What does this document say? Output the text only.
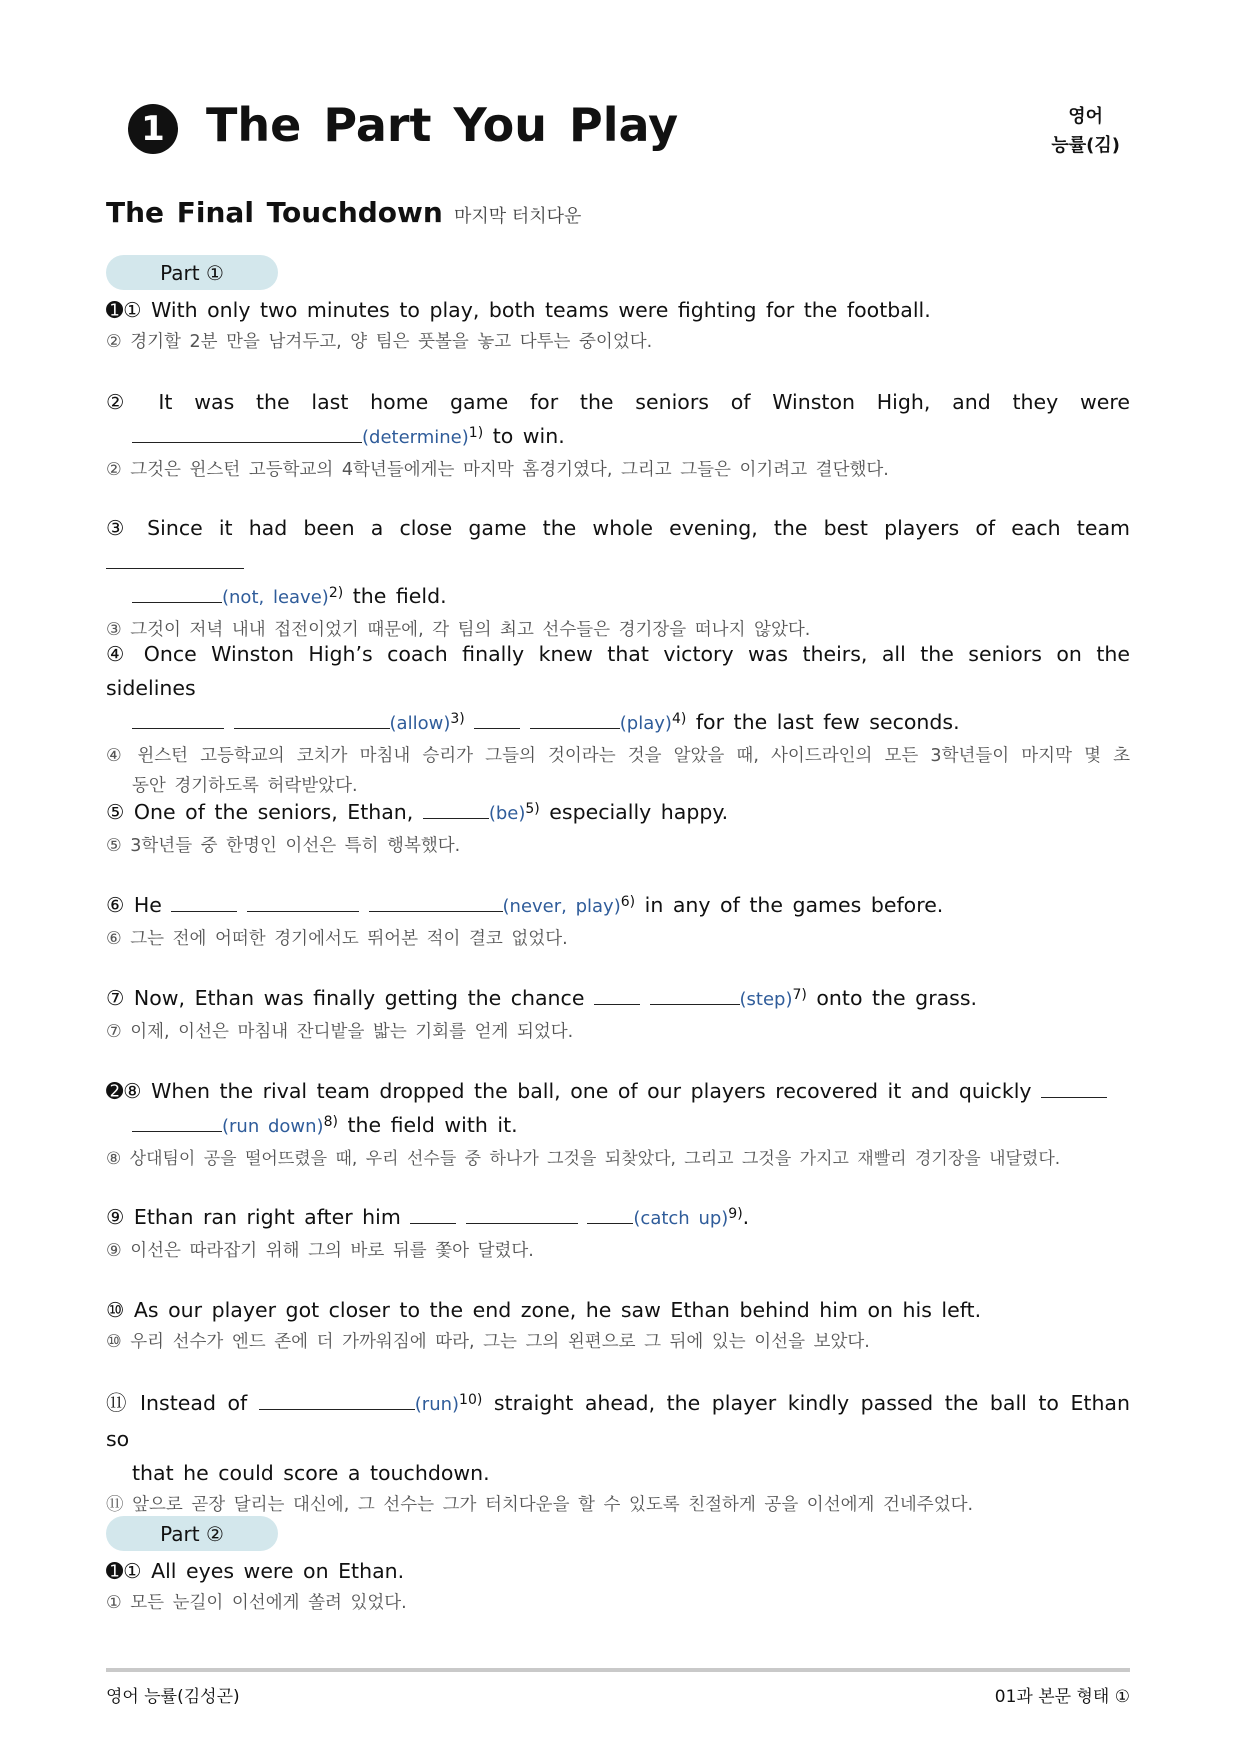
1 The Part You Play	영어
능률(김)
The Final Touchdown 마지막 터치다운
Part ①

➊① With only two minutes to play, both teams were fighting for the football.

② 경기할 2분 만을 남겨두고, 양 팀은 풋볼을 놓고 다투는 중이었다.

② It was the last home game for the seniors of Winston High, and they were

(determine)$^{1)}$ to win.

② 그것은 윈스턴 고등학교의 4학년들에게는 마지막 홈경기였다, 그리고 그들은 이기려고 결단했다.

③ Since it had been a close game the whole evening, the best players of each team

(not, leave)$^{2)}$ the field.

③ 그것이 저녁 내내 접전이었기 때문에, 각 팀의 최고 선수들은 경기장을 떠나지 않았다.

④ Once Winston High’s coach finally knew that victory was theirs, all the seniors on the sidelines

(allow)$^{3)}$	(play)$^{4)}$ for the last few seconds.

④ 윈스턴 고등학교의 코치가 마침내 승리가 그들의 것이라는 것을 알았을 때, 사이드라인의 모든 3학년들이 마지막 몇 초

동안 경기하도록 허락받았다.

⑤ One of the seniors, Ethan,	(be)$^{5)}$ especially happy.

⑤ 3학년들 중 한명인 이선은 특히 행복했다.

⑥ He	(never, play)$^{6)}$ in any of the games before.

⑥ 그는 전에 어떠한 경기에서도 뛰어본 적이 결코 없었다.

⑦ Now, Ethan was finally getting the chance	(step)$^{7)}$ onto the grass.

⑦ 이제, 이선은 마침내 잔디밭을 밟는 기회를 얻게 되었다.

➋⑧ When the rival team dropped the ball, one of our players recovered it and quickly

(run down)$^{8)}$ the field with it.

⑧ 상대팀이 공을 떨어뜨렸을 때, 우리 선수들 중 하나가 그것을 되찾았다, 그리고 그것을 가지고 재빨리 경기장을 내달렸다.

⑨ Ethan ran right after him	(catch up)$^{9)}$.

⑨ 이선은 따라잡기 위해 그의 바로 뒤를 쫓아 달렸다.

⑩ As our player got closer to the end zone, he saw Ethan behind him on his left.

⑩ 우리 선수가 엔드 존에 더 가까워짐에 따라, 그는 그의 왼편으로 그 뒤에 있는 이선을 보았다.

⑪ Instead of	(run)$^{10)}$ straight ahead, the player kindly passed the ball to Ethan so

that he could score a touchdown.

⑪ 앞으로 곧장 달리는 대신에, 그 선수는 그가 터치다운을 할 수 있도록 친절하게 공을 이선에게 건네주었다.

Part ②

➊① All eyes were on Ethan.

① 모든 눈길이 이선에게 쏠려 있었다.

영어 능률(김성곤)	01과 본문 형태 ①
